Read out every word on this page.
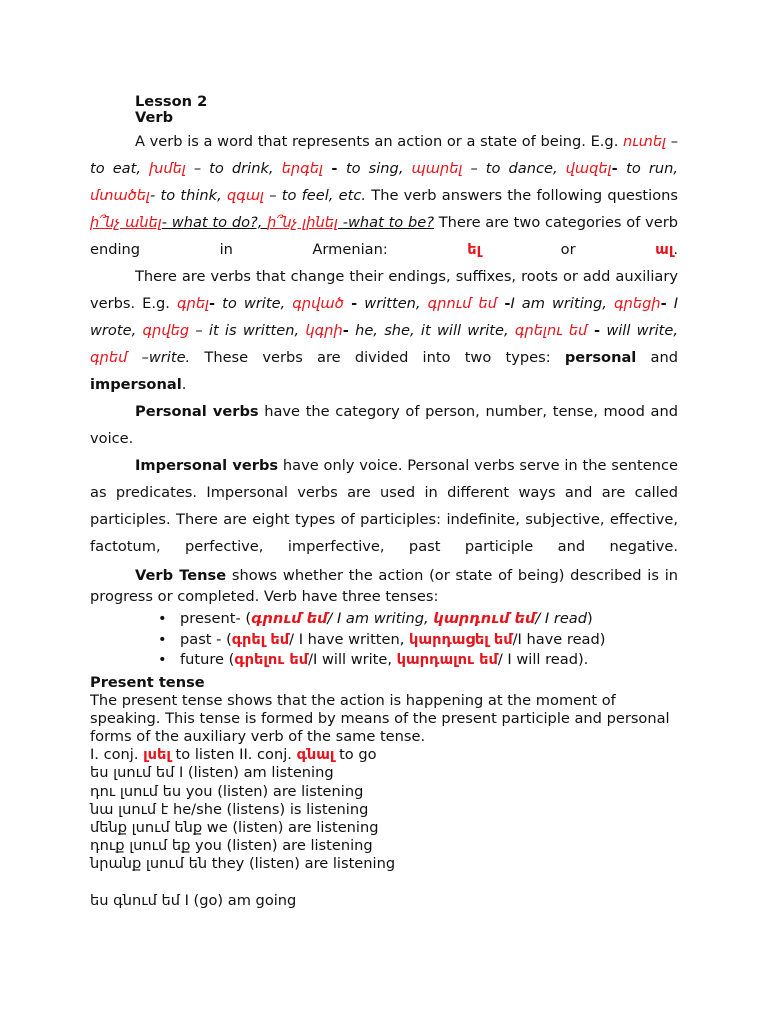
Lesson 2

Verb

A verb is a word that represents an action or a state of being. E.g. ուտել – to eat, խմել – to drink, երգել - to sing, պարել – to dance, վազել- to run, մտածել- to think, զգալ – to feel, etc. The verb answers the following questions ի՞նչ անել- what to do?, ի՞նչ լինել -what to be? There are two categories of verb ending in Armenian: ել or ալ.

There are verbs that change their endings, suffixes, roots or add auxiliary verbs. E.g. գրել- to write, գրված - written, գրում եմ -I am writing, գրեցի- I wrote, գրվեց – it is written, կգրի- he, she, it will write, գրելու եմ - will write, գրեմ –write. These verbs are divided into two types: personal and impersonal.

Personal verbs have the category of person, number, tense, mood and voice.

Impersonal verbs have only voice. Personal verbs serve in the sentence as predicates. Impersonal verbs are used in different ways and are called participles. There are eight types of participles: indefinite, subjective, effective, factotum, perfective, imperfective, past participle and negative.

Verb Tense shows whether the action (or state of being) described is in progress or completed. Verb have three tenses:

• present- (գրում եմ/ I am writing, կարդում եմ/ I read)
• past - (գրել եմ/ I have written, կարդացել եմ/I have read)
• future (գրելու եմ/I will write, կարդալու եմ/ I will read).

Present tense

The present tense shows that the action is happening at the moment of speaking. This tense is formed by means of the present participle and personal forms of the auxiliary verb of the same tense.

I. conj. լսել to listen II. conj. գնալ to go

ես լսում եմ I (listen) am listening

դու լսում ես you (listen) are listening

նա լսում է he/she (listens) is listening

մենք լսում ենք we (listen) are listening

դուք լսում եք you (listen) are listening

նրանք լսում են they (listen) are listening

ես գնում եմ I (go) am going
